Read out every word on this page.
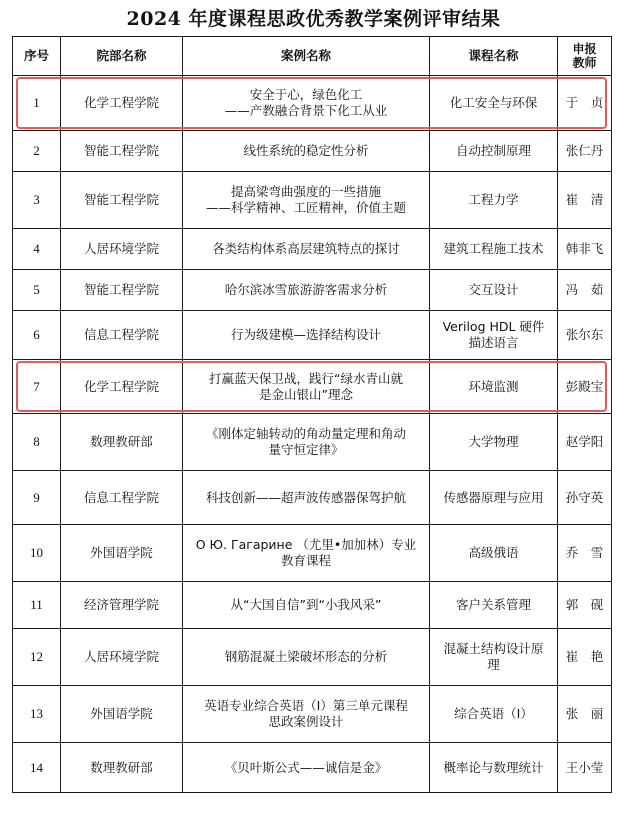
2024 年度课程思政优秀教学案例评审结果
序号	院部名称	案例名称	课程名称	申报
教师

1	化学工程学院	安全于心，绿色化工
——产教融合背景下化工从业	化工安全与环保	于　贞
2	智能工程学院	线性系统的稳定性分析	自动控制原理	张仁丹
3	智能工程学院	提高梁弯曲强度的一些措施
——科学精神、工匠精神，价值主题	工程力学	崔　清
4	人居环境学院	各类结构体系高层建筑特点的探讨	建筑工程施工技术	韩非飞
5	智能工程学院	哈尔滨冰雪旅游游客需求分析	交互设计	冯　茹
6	信息工程学院	行为级建模—选择结构设计	Verilog HDL 硬件
描述语言	张尔东
7	化学工程学院	打赢蓝天保卫战，践行“绿水青山就
是金山银山”理念	环境监测	彭殿宝
8	数理教研部	《刚体定轴转动的角动量定理和角动
量守恒定律》	大学物理	赵学阳
9	信息工程学院	科技创新——超声波传感器保驾护航	传感器原理与应用	孙守英
10	外国语学院	О Ю. Гагарине （尤里•加加林）专业
教育课程	高级俄语	乔　雪
11	经济管理学院	从“大国自信”到“小我风采”	客户关系管理	郭　砚
12	人居环境学院	钢筋混凝土梁破坏形态的分析	混凝土结构设计原
理	崔　艳
13	外国语学院	英语专业综合英语（Ⅰ）第三单元课程
思政案例设计	综合英语（Ⅰ）	张　丽
14	数理教研部	《贝叶斯公式——诚信是金》	概率论与数理统计	王小莹
